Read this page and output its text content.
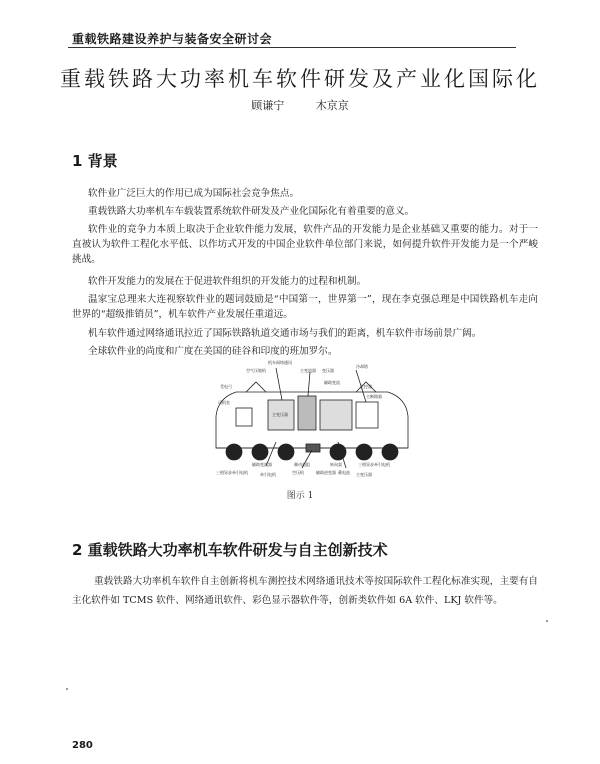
重载铁路建设养护与装备安全研讨会
重载铁路大功率机车软件研发及产业化国际化
顾谦宁	木京京
1 背景
软件业广泛巨大的作用已成为国际社会竞争焦点。
重载铁路大功率机车车载装置系统软件研发及产业化国际化有着重要的意义。
软件业的竞争力本质上取决于企业软件能力发展，软件产品的开发能力是企业基础又重要的能力。对于一直被认为软件工程化水平低、以作坊式开发的中国企业软件单位部门来说，如何提升软件开发能力是一个严峻挑战。
软件开发能力的发展在于促进软件组织的开发能力的过程和机制。
温家宝总理来大连视察软件业的题词鼓励是“中国第一，世界第一”，现在李克强总理是中国铁路机车走向世界的“超级推销员”，机车软件产业发展任重道远。
机车软件通过网络通讯拉近了国际铁路轨道交通市场与我们的距离，机车软件市场前景广阔。
全球软件业的尚度和广度在美国的硅谷和印度的班加罗尔。
机车网络通讯
空气压缩机	主变流器 变压器
冷却塔
辅助变流
主控器
受电弓
司机室
主变压器
主断路器
辅助变流器
三相异步牵引电机	牵引电机
制动电阻
空压机	辅助逆变器
转向架
蓄电池
三相异步牵引电机
主变压器
图示 1
2 重载铁路大功率机车软件研发与自主创新技术
重载铁路大功率机车软件自主创新将机车测控技术网络通讯技术等按国际软件工程化标准实现，主要有自主化软件如 TCMS 软件、网络通讯软件、彩色显示器软件等，创新类软件如 6A 软件、LKJ 软件等。
280
